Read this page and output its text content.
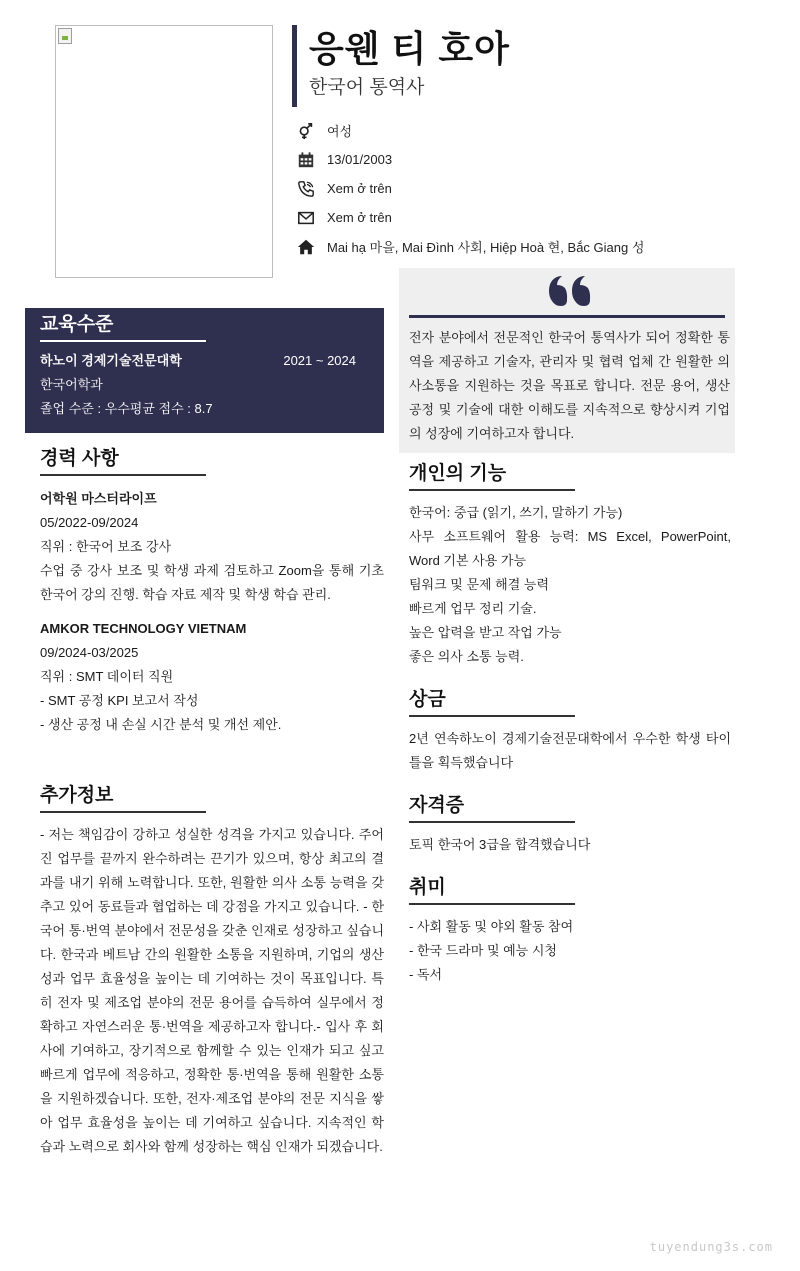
응웬 티 호아
한국어 통역사
여성
13/01/2003
Xem ở trên
Xem ở trên
Mai hạ 마을, Mai Đình 사회, Hiệp Hoà 현, Bắc Giang 성
전자 분야에서 전문적인 한국어 통역사가 되어 정확한 통역을 제공하고 기술자, 관리자 및 협력 업체 간 원활한 의사소통을 지원하는 것을 목표로 합니다. 전문 용어, 생산 공정 및 기술에 대한 이해도를 지속적으로 향상시켜 기업의 성장에 기여하고자 합니다.
교육수준
하노이 경제기술전문대학	2021 ~ 2024
한국어학과
졸업 수준 : 우수평균 점수 : 8.7
경력 사항
어학원 마스터라이프
05/2022-09/2024
직위 : 한국어 보조 강사
수업 중 강사 보조 및 학생 과제 검토하고 Zoom을 통해 기초 한국어 강의 진행. 학습 자료 제작 및 학생 학습 관리.
AMKOR TECHNOLOGY VIETNAM
09/2024-03/2025
직위 : SMT 데이터 직원
- SMT 공정 KPI 보고서 작성
- 생산 공정 내 손실 시간 분석 및 개선 제안.
추가정보
- 저는 책임감이 강하고 성실한 성격을 가지고 있습니다. 주어진 업무를 끝까지 완수하려는 끈기가 있으며, 항상 최고의 결과를 내기 위해 노력합니다. 또한, 원활한 의사 소통 능력을 갖추고 있어 동료들과 협업하는 데 강점을 가지고 있습니다. - 한국어 통·번역 분야에서 전문성을 갖춘 인재로 성장하고 싶습니다. 한국과 베트남 간의 원활한 소통을 지원하며, 기업의 생산성과 업무 효율성을 높이는 데 기여하는 것이 목표입니다. 특히 전자 및 제조업 분야의 전문 용어를 습득하여 실무에서 정확하고 자연스러운 통·번역을 제공하고자 합니다.- 입사 후 회사에 기여하고, 장기적으로 함께할 수 있는 인재가 되고 싶고 빠르게 업무에 적응하고, 정확한 통·번역을 통해 원활한 소통을 지원하겠습니다. 또한, 전자·제조업 분야의 전문 지식을 쌓아 업무 효율성을 높이는 데 기여하고 싶습니다. 지속적인 학습과 노력으로 회사와 함께 성장하는 핵심 인재가 되겠습니다.
개인의 기능
한국어: 중급 (읽기, 쓰기, 말하기 가능)
사무 소프트웨어 활용 능력: MS Excel, PowerPoint, Word 기본 사용 가능
팀워크 및 문제 해결 능력
빠르게 업무 정리 기술.
높은 압력을 받고 작업 가능
좋은 의사 소통 능력.
상금
2년 연속하노이 경제기술전문대학에서 우수한 학생 타이틀을 획득했습니다
자격증
토픽 한국어 3급을 합격했습니다
취미
- 사회 활동 및 야외 활동 참여
- 한국 드라마 및 예능 시청
- 독서
tuyendung3s.com
